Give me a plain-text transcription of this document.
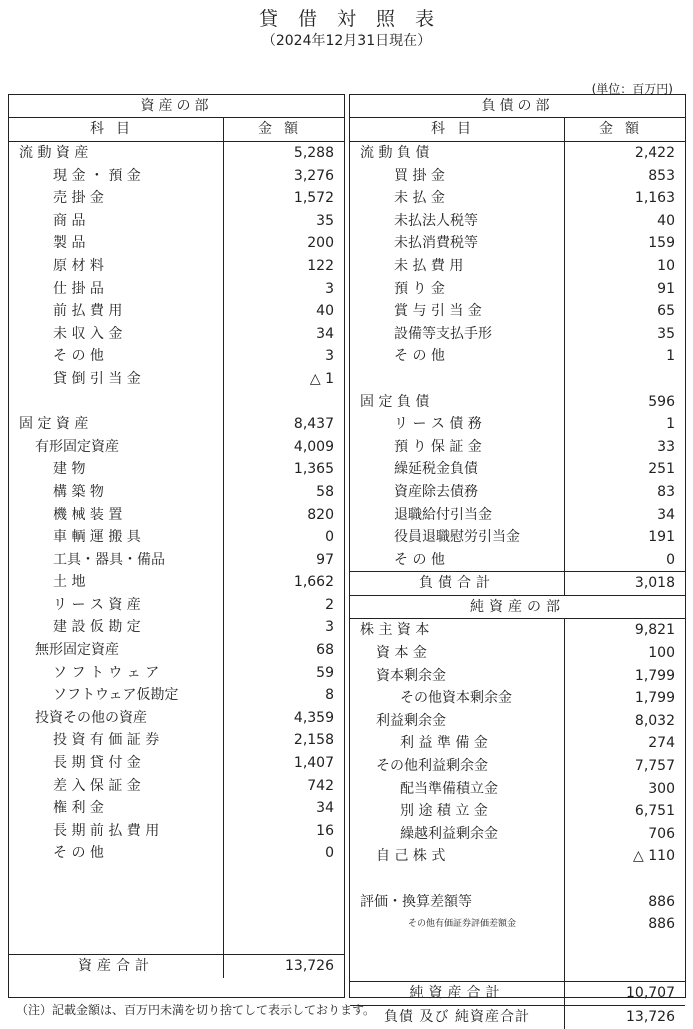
貸借対照表
（2024年12月31日現在）
(単位：百万円)
資産の部
科目	金額
流 動 資 産	5,288
現 金 ・ 預 金	3,276
売 掛 金	1,572
商 品	35
製 品	200
原 材 料	122
仕 掛 品	3
前 払 費 用	40
未 収 入 金	34
そ の 他	3
貸 倒 引 当 金	△ 1
固 定 資 産	8,437
有形固定資産	4,009
建 物	1,365
構 築 物	58
機 械 装 置	820
車 輌 運 搬 具	0
工具・器具・備品	97
土 地	1,662
リ ー ス 資 産	2
建 設 仮 勘 定	3
無形固定資産	68
ソ フ ト ウ ェ ア	59
ソフトウェア仮勘定	8
投資その他の資産	4,359
投 資 有 価 証 券	2,158
長 期 貸 付 金	1,407
差 入 保 証 金	742
権 利 金	34
長 期 前 払 費 用	16
そ の 他	0
資産合計	13,726
負債の部
科目	金額
流 動 負 債	2,422
買 掛 金	853
未 払 金	1,163
未払法人税等	40
未払消費税等	159
未 払 費 用	10
預 り 金	91
賞 与 引 当 金	65
設備等支払手形	35
そ の 他	1
固 定 負 債	596
リ ー ス 債 務	1
預 り 保 証 金	33
繰延税金負債	251
資産除去債務	83
退職給付引当金	34
役員退職慰労引当金	191
そ の 他	0
負債合計	3,018
純資産の部
株 主 資 本	9,821
資 本 金	100
資本剰余金	1,799
その他資本剰余金	1,799
利益剰余金	8,032
利 益 準 備 金	274
その他利益剰余金	7,757
配当準備積立金	300
別 途 積 立 金	6,751
繰越利益剰余金	706
自 己 株 式	△ 110
評価・換算差額等	886
その他有価証券評価差額金	886
純資産合計	10,707
負債 及び 純資産合計	13,726
（注）記載金額は、百万円未満を切り捨てして表示しております。
